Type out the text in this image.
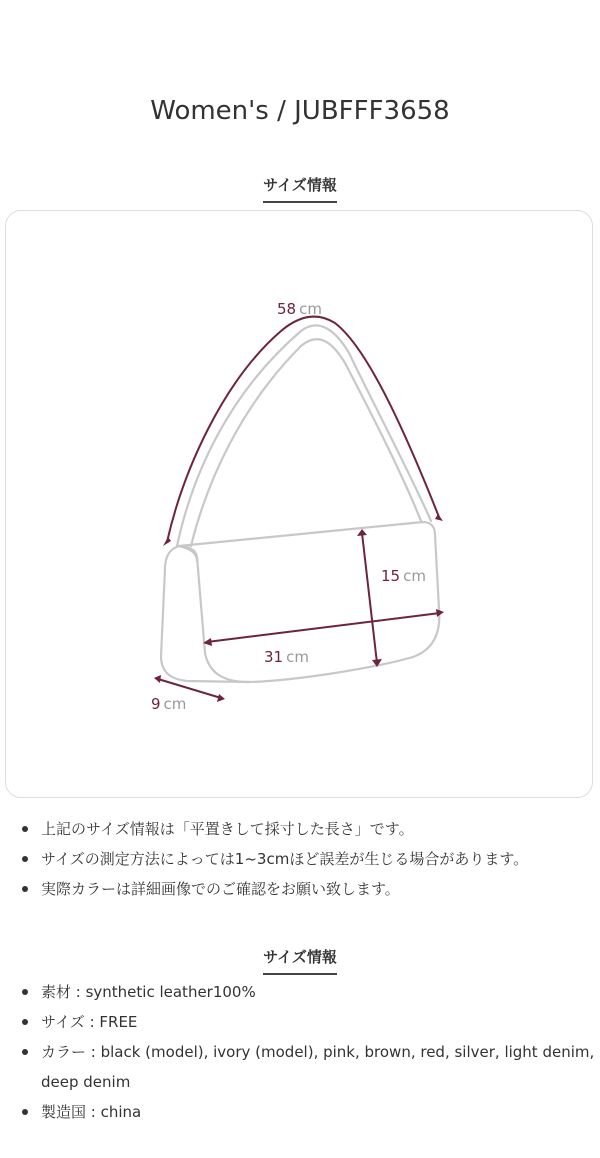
Women's / JUBFFF3658
サイズ情報
58 cm
15 cm
31 cm
9 cm
上記のサイズ情報は「平置きして採寸した長さ」です。
サイズの測定方法によっては1~3cmほど誤差が生じる場合があります。
実際カラーは詳細画像でのご確認をお願い致します。
サイズ情報
素材 : synthetic leather100%
サイズ : FREE
カラー : black (model), ivory (model), pink, brown, red, silver, light denim, deep denim
製造国 : china
